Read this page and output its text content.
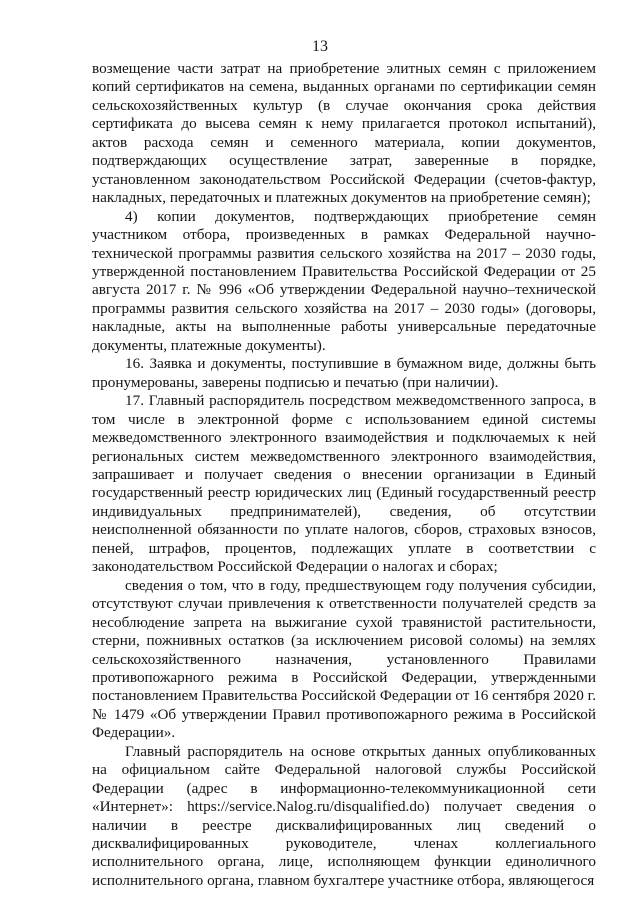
13

возмещение части затрат на приобретение элитных семян с приложением копий сертификатов на семена, выданных органами по сертификации семян сельскохозяйственных культур (в случае окончания срока действия сертификата до высева семян к нему прилагается протокол испытаний), актов расхода семян и семенного материала, копии документов, подтверждающих осуществление затрат, заверенные в порядке, установленном законодательством Российской Федерации (счетов-фактур, накладных, передаточных и платежных документов на приобретение семян);

4) копии документов, подтверждающих приобретение семян участником отбора, произведенных в рамках Федеральной научно-технической программы развития сельского хозяйства на 2017 – 2030 годы, утвержденной постановлением Правительства Российской Федерации от 25 августа 2017 г. № 996 «Об утверждении Федеральной научно–технической программы развития сельского хозяйства на 2017 – 2030 годы» (договоры, накладные, акты на выполненные работы универсальные передаточные документы, платежные документы).

16. Заявка и документы, поступившие в бумажном виде, должны быть пронумерованы, заверены подписью и печатью (при наличии).

17. Главный распорядитель посредством межведомственного запроса, в том числе в электронной форме с использованием единой системы межведомственного электронного взаимодействия и подключаемых к ней региональных систем межведомственного электронного взаимодействия, запрашивает и получает сведения о внесении организации в Единый государственный реестр юридических лиц (Единый государственный реестр индивидуальных предпринимателей), сведения, об отсутствии неисполненной обязанности по уплате налогов, сборов, страховых взносов, пеней, штрафов, процентов, подлежащих уплате в соответствии с законодательством Российской Федерации о налогах и сборах;

сведения о том, что в году, предшествующем году получения субсидии, отсутствуют случаи привлечения к ответственности получателей средств за несоблюдение запрета на выжигание сухой травянистой растительности, стерни, пожнивных остатков (за исключением рисовой соломы) на землях сельскохозяйственного назначения, установленного Правилами противопожарного режима в Российской Федерации, утвержденными постановлением Правительства Российской Федерации от 16 сентября 2020 г. № 1479 «Об утверждении Правил противопожарного режима в Российской Федерации».

Главный распорядитель на основе открытых данных опубликованных на официальном сайте Федеральной налоговой службы Российской Федерации (адрес в информационно-телекоммуникационной сети «Интернет»: https://service.Nalog.ru/disqualified.do) получает сведения о наличии в реестре дисквалифицированных лиц сведений о дисквалифицированных руководителе, членах коллегиального исполнительного органа, лице, исполняющем функции единоличного исполнительного органа, главном бухгалтере участнике отбора, являющегося
